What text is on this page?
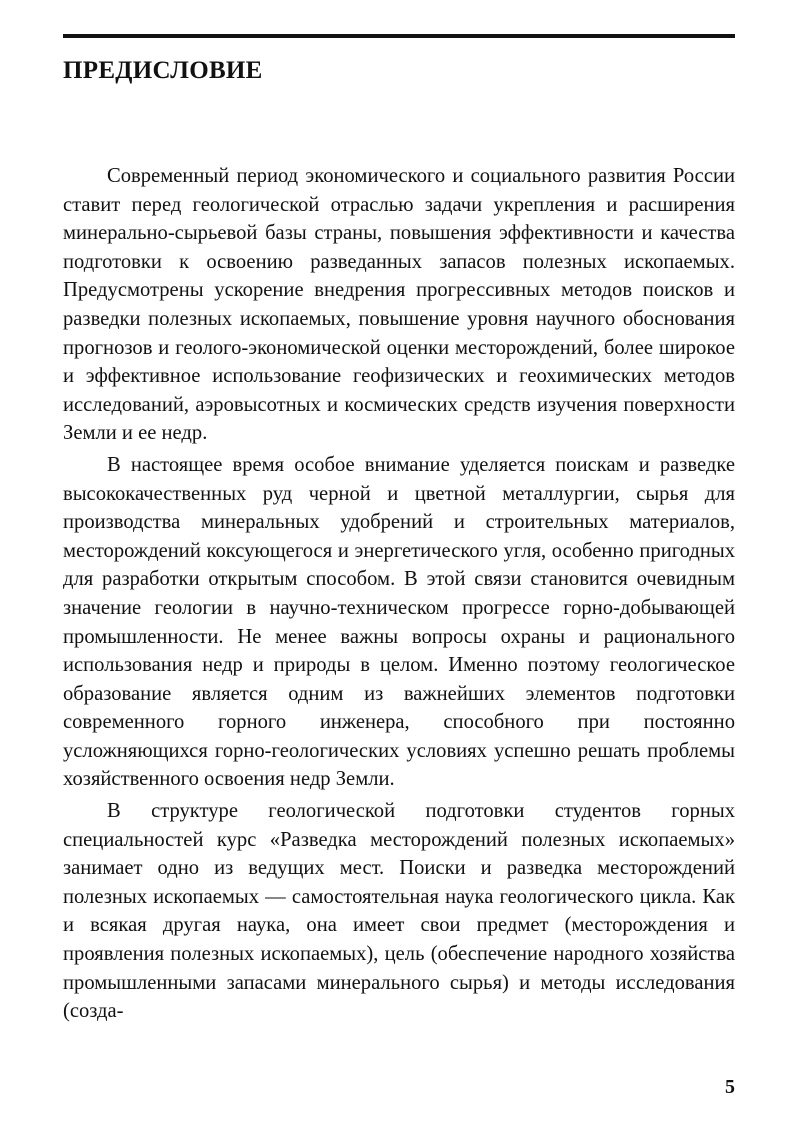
ПРЕДИСЛОВИЕ

Современный период экономического и социального развития России ставит перед геологической отраслью задачи укрепления и расширения минерально-сырьевой базы страны, повышения эффективности и качества подготовки к освоению разведанных запасов полезных ископаемых. Предусмотрены ускорение внедрения прогрессивных методов поисков и разведки полезных ископаемых, повышение уровня научного обоснования прогнозов и геолого-экономической оценки месторождений, более широкое и эффективное использование геофизических и геохимических методов исследований, аэровысотных и космических средств изучения поверхности Земли и ее недр.

В настоящее время особое внимание уделяется поискам и разведке высококачественных руд черной и цветной металлургии, сырья для производства минеральных удобрений и строительных материалов, месторождений коксующегося и энергетического угля, особенно пригодных для разработки открытым способом. В этой связи становится очевидным значение геологии в научно-техническом прогрессе горно-добывающей промышленности. Не менее важны вопросы охраны и рационального использования недр и природы в целом. Именно поэтому геологическое образование является одним из важнейших элементов подготовки современного горного инженера, способного при постоянно усложняющихся горно-геологических условиях успешно решать проблемы хозяйственного освоения недр Земли.

В структуре геологической подготовки студентов горных специальностей курс «Разведка месторождений полезных ископаемых» занимает одно из ведущих мест. Поиски и разведка месторождений полезных ископаемых — самостоятельная наука геологического цикла. Как и всякая другая наука, она имеет свои предмет (месторождения и проявления полезных ископаемых), цель (обеспечение народного хозяйства промышленными запасами минерального сырья) и методы исследования (созда-

5
